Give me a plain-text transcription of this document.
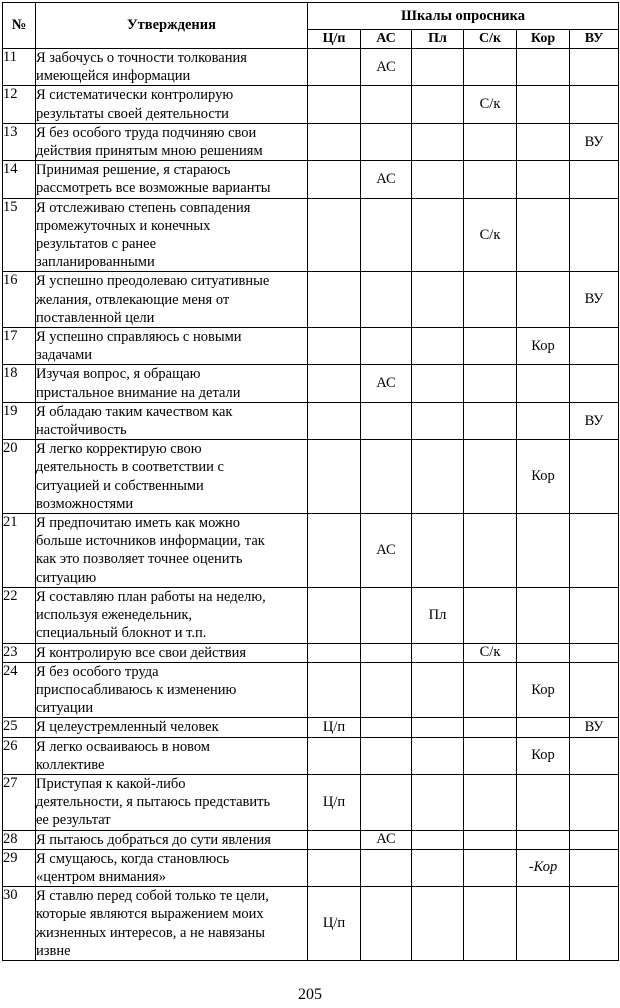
№	Утверждения	Шкалы опросника					
		Ц/п	АС	Пл	С/к	Кор	ВУ
11	Я забочусь о точности толкования
имеющейся информации		АС				
12	Я систематически контролирую
результаты своей деятельности				С/к		
13	Я без особого труда подчиняю свои
действия принятым мною решениям						ВУ
14	Принимая решение, я стараюсь
рассмотреть все возможные варианты		АС				
15	Я отслеживаю степень совпадения
промежуточных и конечных
результатов с ранее
запланированными				С/к		
16	Я успешно преодолеваю ситуативные
желания, отвлекающие меня от
поставленной цели						ВУ
17	Я успешно справляюсь с новыми
задачами					Кор	
18	Изучая вопрос, я обращаю
пристальное внимание на детали		АС				
19	Я обладаю таким качеством как
настойчивость						ВУ
20	Я легко корректирую свою
деятельность в соответствии с
ситуацией и собственными
возможностями					Кор	
21	Я предпочитаю иметь как можно
больше источников информации, так
как это позволяет точнее оценить
ситуацию		АС				
22	Я составляю план работы на неделю,
используя еженедельник,
специальный блокнот и т.п.			Пл			
23	Я контролирую все свои действия				С/к		
24	Я без особого труда
приспосабливаюсь к изменению
ситуации					Кор	
25	Я целеустремленный человек	Ц/п					ВУ
26	Я легко осваиваюсь в новом
коллективе					Кор	
27	Приступая к какой-либо
деятельности, я пытаюсь представить
ее результат	Ц/п					
28	Я пытаюсь добраться до сути явления		АС				
29	Я смущаюсь, когда становлюсь
«центром внимания»					-Кор	
30	Я ставлю перед собой только те цели,
которые являются выражением моих
жизненных интересов, а не навязаны
извне	Ц/п					
205
